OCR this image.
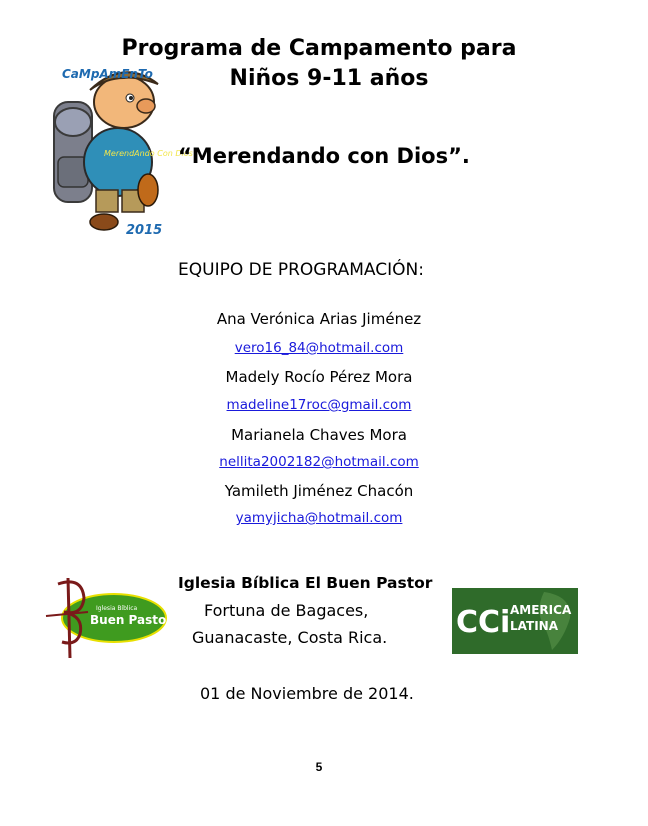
Programa de Campamento para
Niños 9-11 años
CaMpAmEnTo
MerendAndo Con Dios
2015
“Merendando con Dios”.
EQUIPO DE PROGRAMACIÓN:
Ana Verónica Arias Jiménez
vero16_84@hotmail.com
Madely Rocío Pérez Mora
madeline17roc@gmail.com
Marianela Chaves Mora
nellita2002182@hotmail.com
Yamileth Jiménez Chacón
yamyjicha@hotmail.com
Iglesia Bíblica
Buen Pastor
Iglesia Bíblica El Buen Pastor
Fortuna de Bagaces,
Guanacaste, Costa Rica. CCi AMERICA
LATINA
01 de Noviembre de 2014.
5
